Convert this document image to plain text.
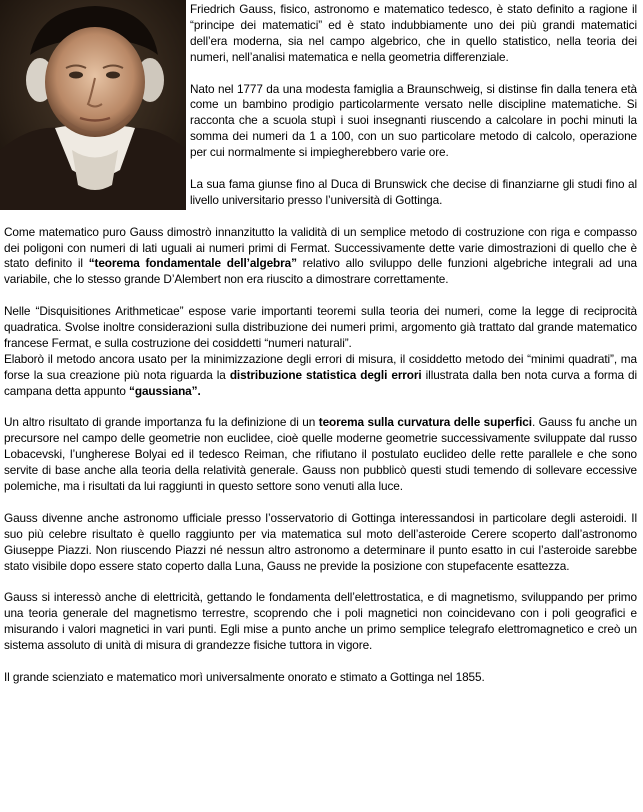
Friedrich Gauss, fisico, astronomo e matematico tedesco, è stato definito a ragione il “principe dei matematici” ed è stato indubbiamente uno dei più grandi matematici dell’era moderna, sia nel campo algebrico, che in quello statistico, nella teoria dei numeri, nell’analisi matematica e nella geometria differenziale.

Nato nel 1777 da una modesta famiglia a Braunschweig, si distinse fin dalla tenera età come un bambino prodigio particolarmente versato nelle discipline matematiche. Si racconta che a scuola stupì i suoi insegnanti riuscendo a calcolare in pochi minuti la somma dei numeri da 1 a 100, con un suo particolare metodo di calcolo, operazione per cui normalmente si impiegherebbero varie ore.

La sua fama giunse fino al Duca di Brunswick che decise di finanziarne gli studi fino al livello universitario presso l’università di Gottinga.

Come matematico puro Gauss dimostrò innanzitutto la validità di un semplice metodo di costruzione con riga e compasso dei poligoni con numeri di lati uguali ai numeri primi di Fermat. Successivamente dette varie dimostrazioni di quello che è stato definito il “teorema fondamentale dell’algebra” relativo allo sviluppo delle funzioni algebriche integrali ad una variabile, che lo stesso grande D’Alembert non era riuscito a dimostrare correttamente.

Nelle “Disquisitiones Arithmeticae” espose varie importanti teoremi sulla teoria dei numeri, come la legge di reciprocità quadratica. Svolse inoltre considerazioni sulla distribuzione dei numeri primi, argomento già trattato dal grande matematico francese Fermat, e sulla costruzione dei cosiddetti “numeri naturali”.

Elaborò il metodo ancora usato per la minimizzazione degli errori di misura, il cosiddetto metodo dei “minimi quadrati”, ma forse la sua creazione più nota riguarda la distribuzione statistica degli errori illustrata dalla ben nota curva a forma di campana detta appunto “gaussiana”.

Un altro risultato di grande importanza fu la definizione di un teorema sulla curvatura delle superfici. Gauss fu anche un precursore nel campo delle geometrie non euclidee, cioè quelle moderne geometrie successivamente sviluppate dal russo Lobacevski, l’ungherese Bolyai ed il tedesco Reiman, che rifiutano il postulato euclideo delle rette parallele e che sono servite di base anche alla teoria della relatività generale. Gauss non pubblicò questi studi temendo di sollevare eccessive polemiche, ma i risultati da lui raggiunti in questo settore sono venuti alla luce.

Gauss divenne anche astronomo ufficiale presso l’osservatorio di Gottinga interessandosi in particolare degli asteroidi. Il suo più celebre risultato è quello raggiunto per via matematica sul moto dell’asteroide Cerere scoperto dall’astronomo Giuseppe Piazzi. Non riuscendo Piazzi né nessun altro astronomo a determinare il punto esatto in cui l’asteroide sarebbe stato visibile dopo essere stato coperto dalla Luna, Gauss ne previde la posizione con stupefacente esattezza.

Gauss si interessò anche di elettricità, gettando le fondamenta dell’elettrostatica, e di magnetismo, sviluppando per primo una teoria generale del magnetismo terrestre, scoprendo che i poli magnetici non coincidevano con i poli geografici e misurando i valori magnetici in vari punti. Egli mise a punto anche un primo semplice telegrafo elettromagnetico e creò un sistema assoluto di unità di misura di grandezze fisiche tuttora in vigore.

Il grande scienziato e matematico morì universalmente onorato e stimato a Gottinga nel 1855.
